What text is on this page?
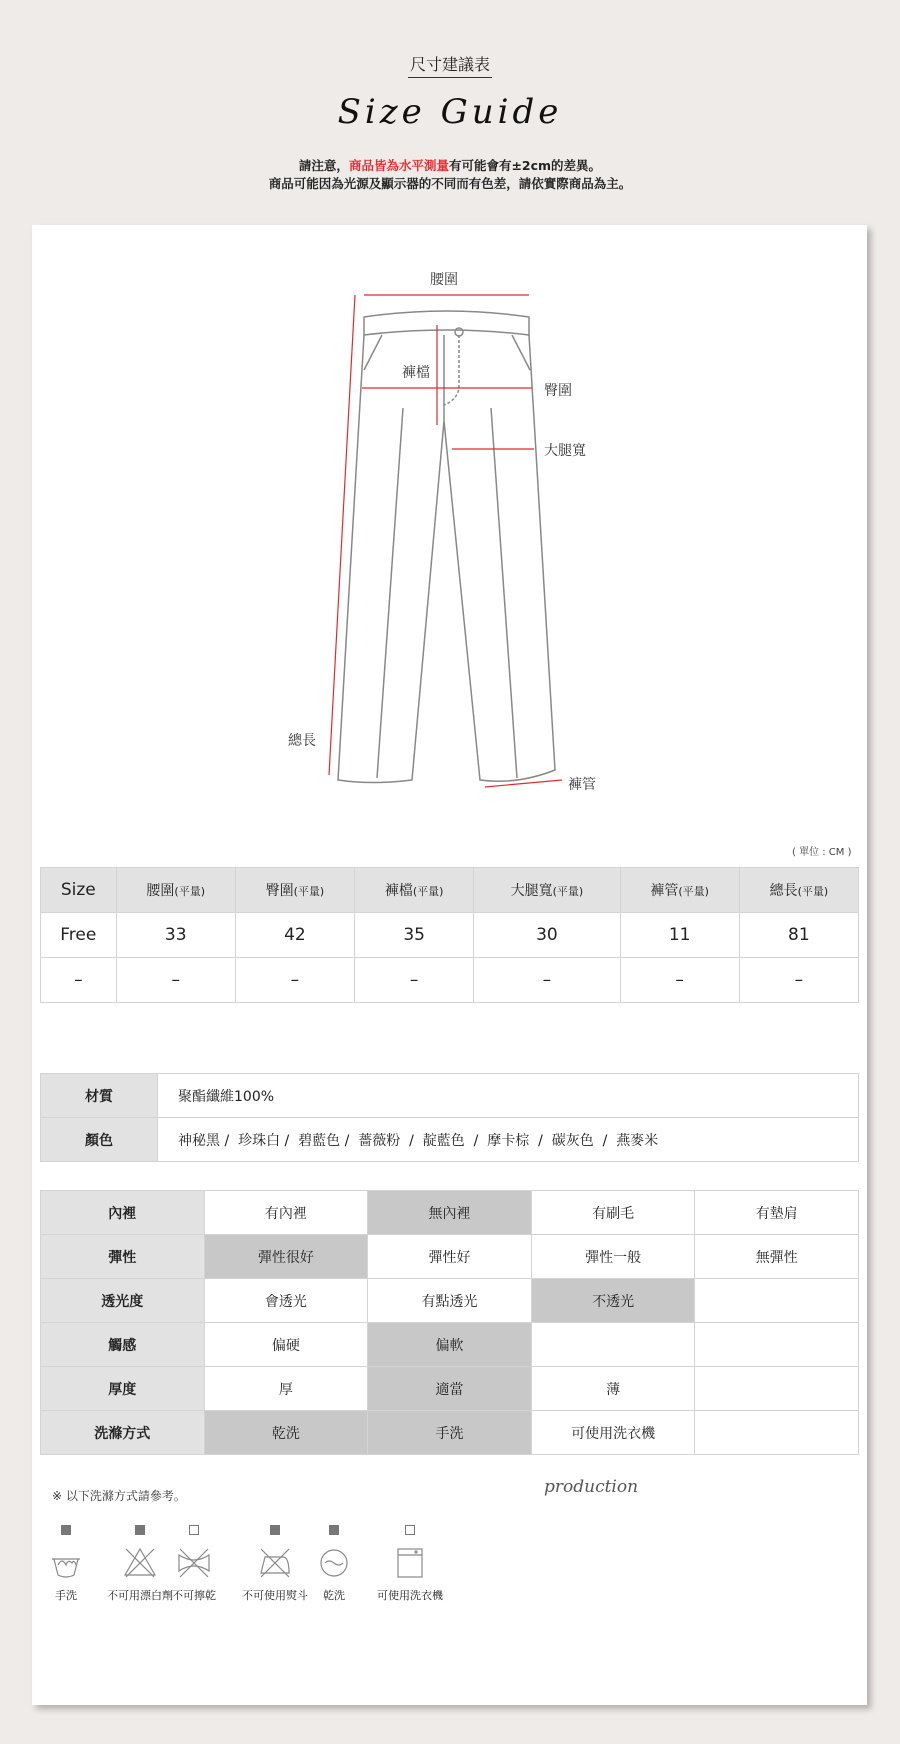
尺寸建議表
Size Guide
請注意，商品皆為水平測量有可能會有±2cm的差異。
商品可能因為光源及顯示器的不同而有色差，請依實際商品為主。
腰圍
褲檔
臀圍
大腿寬
總長
褲管
( 單位 : CM )
Size	腰圍(平量)	臀圍(平量)	褲檔(平量)	大腿寬(平量)	褲管(平量)	總長(平量)
Free	33	42	35	30	11	81
–	–	–	–	–	–	–
材質	聚酯纖維100%
顏色	神秘黑 /  珍珠白 /  碧藍色 /  薔薇粉  /  靛藍色  /  摩卡棕  /  碳灰色  /  燕麥米
內裡	有內裡	無內裡	有刷毛	有墊肩
彈性	彈性很好	彈性好	彈性一般	無彈性
透光度	會透光	有點透光	不透光	
觸感	偏硬	偏軟		
厚度	厚	適當	薄	
洗滌方式	乾洗	手洗	可使用洗衣機	
※ 以下洗滌方式請參考。	production
手洗	不可用漂白劑 不可擰乾	不可使用熨斗	乾洗	可使用洗衣機
